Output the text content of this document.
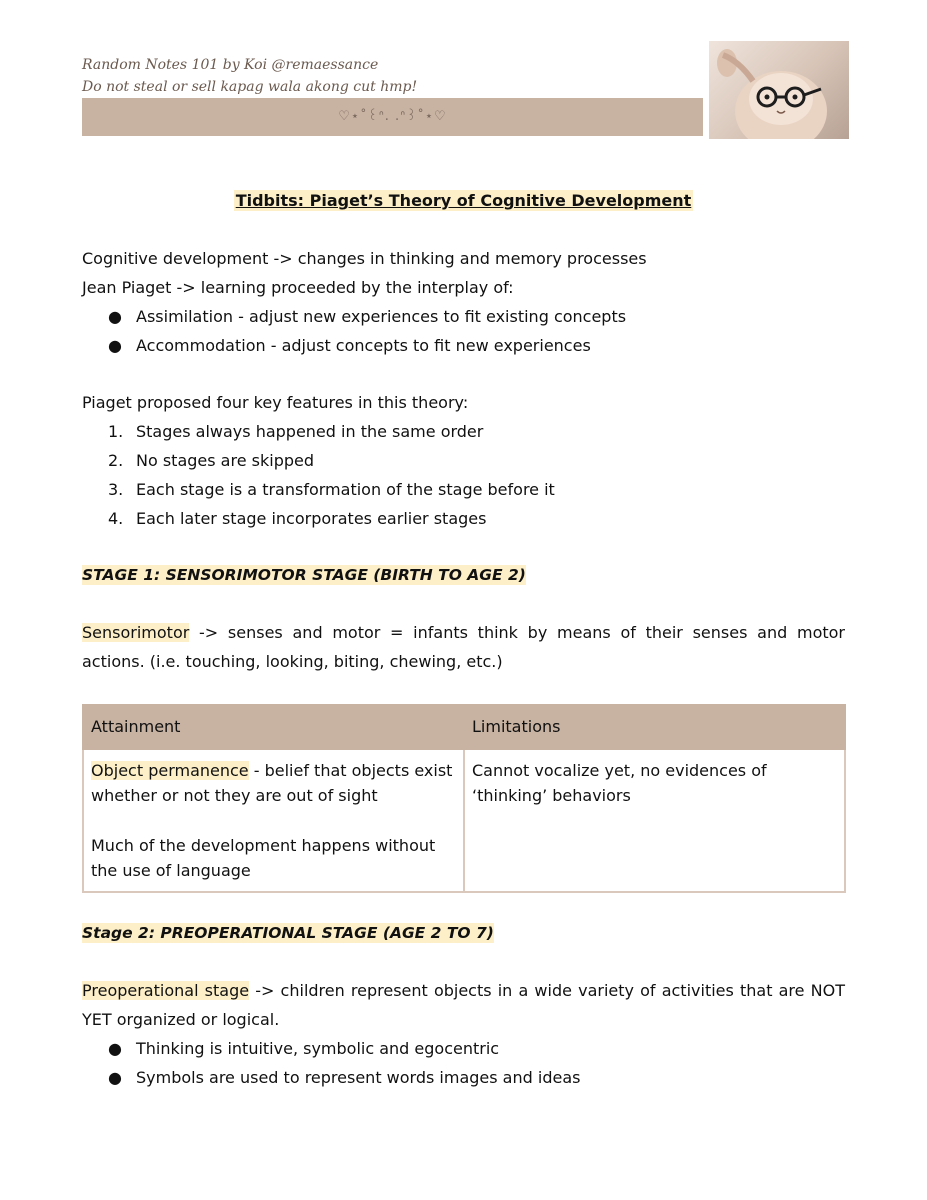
Random Notes 101 by Koi @remaessance
Do not steal or sell kapag wala akong cut hmp!
♡⋆˚꒰ᐢ. .ᐢ꒱˚⋆♡
Tidbits: Piaget’s Theory of Cognitive Development
Cognitive development -> changes in thinking and memory processes
Jean Piaget -> learning proceeded by the interplay of:
● Assimilation - adjust new experiences to fit existing concepts
● Accommodation - adjust concepts to fit new experiences
Piaget proposed four key features in this theory:
1. Stages always happened in the same order
2. No stages are skipped
3. Each stage is a transformation of the stage before it
4. Each later stage incorporates earlier stages
STAGE 1: SENSORIMOTOR STAGE (BIRTH TO AGE 2)
Sensorimotor -> senses and motor = infants think by means of their senses and motor actions. (i.e. touching, looking, biting, chewing, etc.)
Attainment	Limitations

Object permanence - belief that objects exist whether or not they are out of sight

Much of the development happens without the use of language	Cannot vocalize yet, no evidences of ‘thinking’ behaviors

Stage 2: PREOPERATIONAL STAGE (AGE 2 TO 7)
Preoperational stage -> children represent objects in a wide variety of activities that are NOT YET organized or logical.
● Thinking is intuitive, symbolic and egocentric
● Symbols are used to represent words images and ideas
